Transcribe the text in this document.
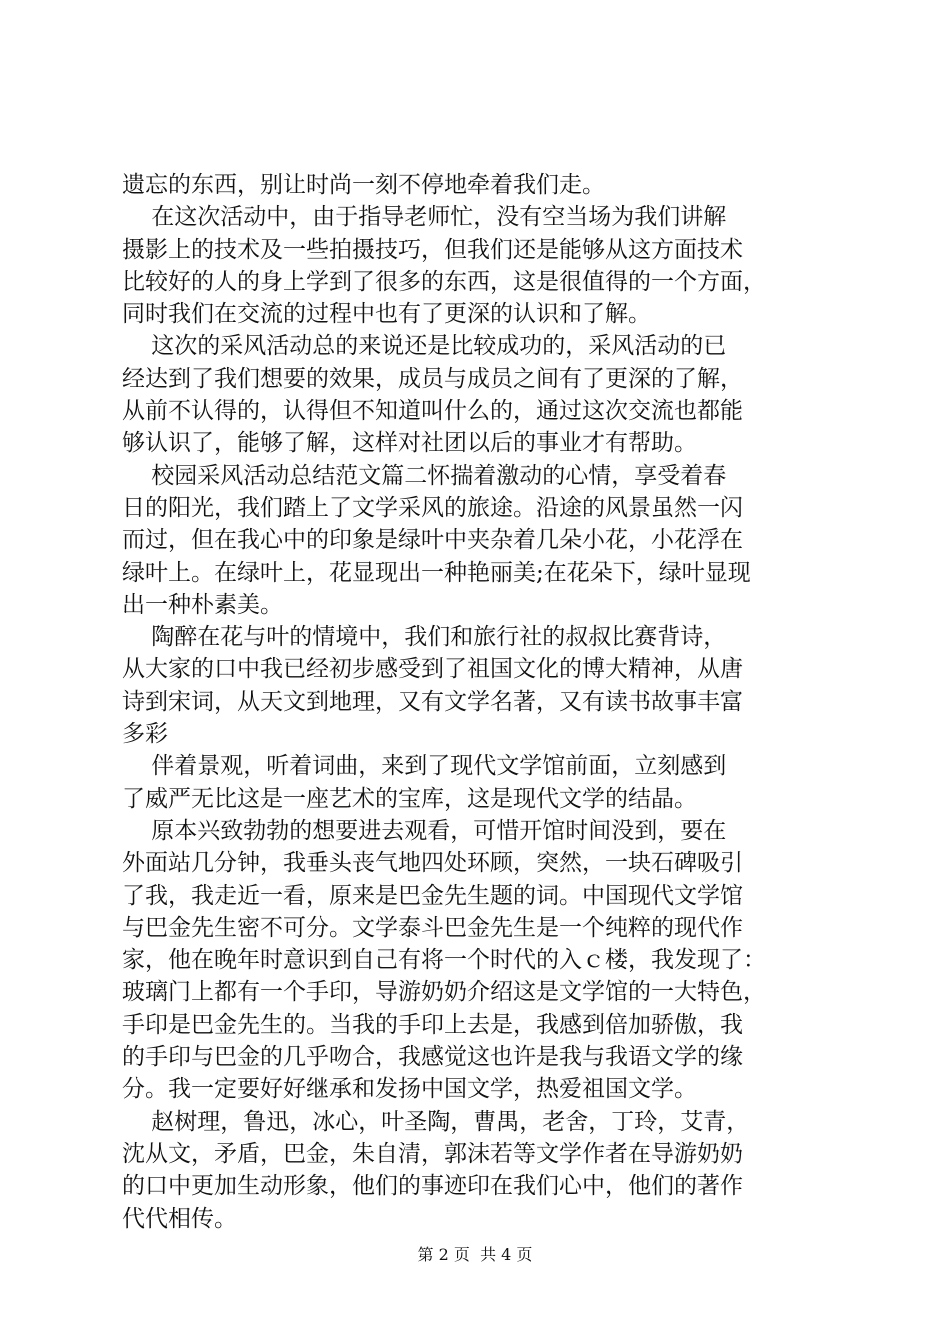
遗忘的东西，别让时尚一刻不停地牵着我们走。
在这次活动中，由于指导老师忙，没有空当场为我们讲解
摄影上的技术及一些拍摄技巧，但我们还是能够从这方面技术
比较好的人的身上学到了很多的东西，这是很值得的一个方面，
同时我们在交流的过程中也有了更深的认识和了解。
这次的采风活动总的来说还是比较成功的，采风活动的已
经达到了我们想要的效果，成员与成员之间有了更深的了解，
从前不认得的，认得但不知道叫什么的，通过这次交流也都能
够认识了，能够了解，这样对社团以后的事业才有帮助。
校园采风活动总结范文篇二怀揣着激动的心情，享受着春
日的阳光，我们踏上了文学采风的旅途。沿途的风景虽然一闪
而过，但在我心中的印象是绿叶中夹杂着几朵小花，小花浮在
绿叶上。在绿叶上，花显现出一种艳丽美;在花朵下，绿叶显现
出一种朴素美。
陶醉在花与叶的情境中，我们和旅行社的叔叔比赛背诗，
从大家的口中我已经初步感受到了祖国文化的博大精神，从唐
诗到宋词，从天文到地理，又有文学名著，又有读书故事丰富
多彩
伴着景观，听着词曲，来到了现代文学馆前面，立刻感到
了威严无比这是一座艺术的宝库，这是现代文学的结晶。
原本兴致勃勃的想要进去观看，可惜开馆时间没到，要在
外面站几分钟，我垂头丧气地四处环顾，突然，一块石碑吸引
了我，我走近一看，原来是巴金先生题的词。中国现代文学馆
与巴金先生密不可分。文学泰斗巴金先生是一个纯粹的现代作
家，他在晚年时意识到自己有将一个时代的入ｃ楼，我发现了：
玻璃门上都有一个手印，导游奶奶介绍这是文学馆的一大特色，
手印是巴金先生的。当我的手印上去是，我感到倍加骄傲，我
的手印与巴金的几乎吻合，我感觉这也许是我与我语文学的缘
分。我一定要好好继承和发扬中国文学，热爱祖国文学。
赵树理，鲁迅，冰心，叶圣陶，曹禺，老舍，丁玲，艾青，
沈从文，矛盾，巴金，朱自清，郭沫若等文学作者在导游奶奶
的口中更加生动形象，他们的事迹印在我们心中，他们的著作
代代相传。
第 2 页  共 4 页
